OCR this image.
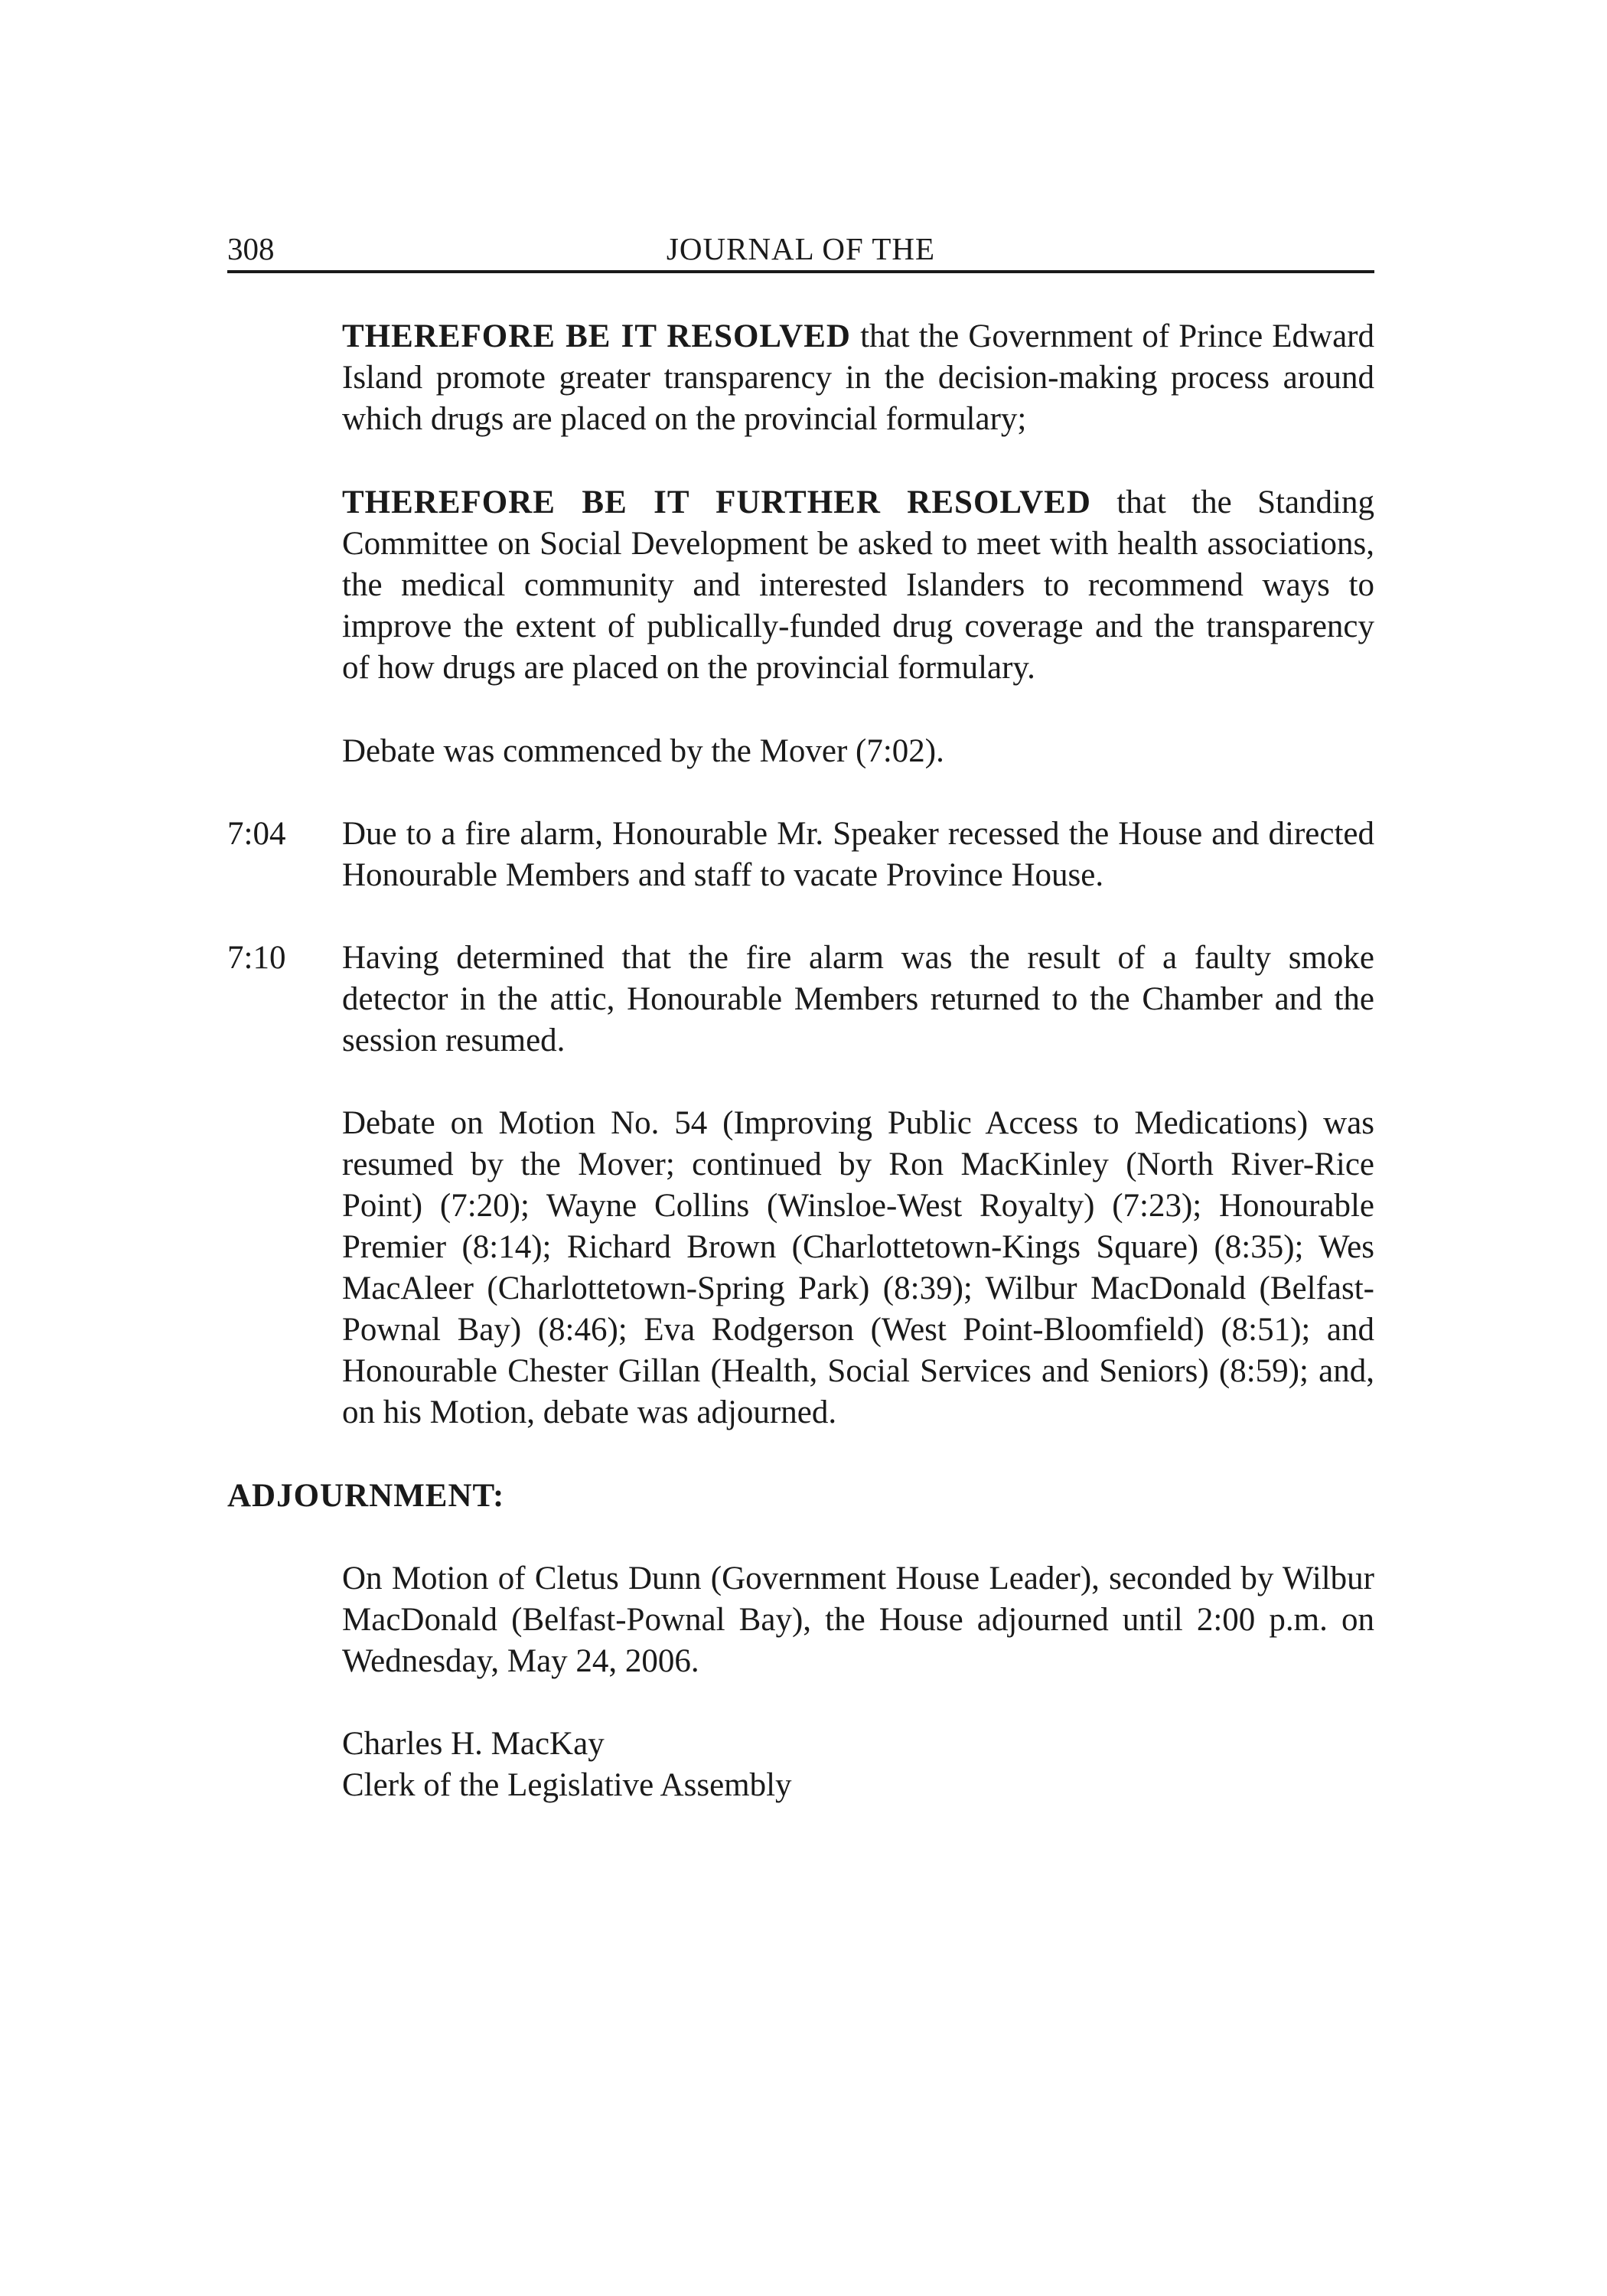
308	JOURNAL OF THE

THEREFORE BE IT RESOLVED that the Government of Prince Edward Island promote greater transparency in the decision-making process around which drugs are placed on the provincial formulary;

THEREFORE BE IT FURTHER RESOLVED that the Standing Committee on Social Development be asked to meet with health associations, the medical community and interested Islanders to recommend ways to improve the extent of publically-funded drug coverage and the transparency of how drugs are placed on the provincial formulary.

Debate was commenced by the Mover (7:02).

7:04	Due to a fire alarm, Honourable Mr. Speaker recessed the House and directed Honourable Members and staff to vacate Province House.

7:10	Having determined that the fire alarm was the result of a faulty smoke detector in the attic, Honourable Members returned to the Chamber and the session resumed.

Debate on Motion No. 54 (Improving Public Access to Medications) was resumed by the Mover; continued by Ron MacKinley (North River-Rice Point) (7:20); Wayne Collins (Winsloe-West Royalty) (7:23); Honourable Premier (8:14); Richard Brown (Charlottetown-Kings Square) (8:35); Wes MacAleer (Charlottetown-Spring Park) (8:39); Wilbur MacDonald (Belfast-Pownal Bay) (8:46); Eva Rodgerson (West Point-Bloomfield) (8:51); and Honourable Chester Gillan (Health, Social Services and Seniors) (8:59); and, on his Motion, debate was adjourned.

ADJOURNMENT:

On Motion of Cletus Dunn (Government House Leader), seconded by Wilbur MacDonald (Belfast-Pownal Bay), the House adjourned until 2:00 p.m. on Wednesday, May 24, 2006.

Charles H. MacKay
Clerk of the Legislative Assembly
